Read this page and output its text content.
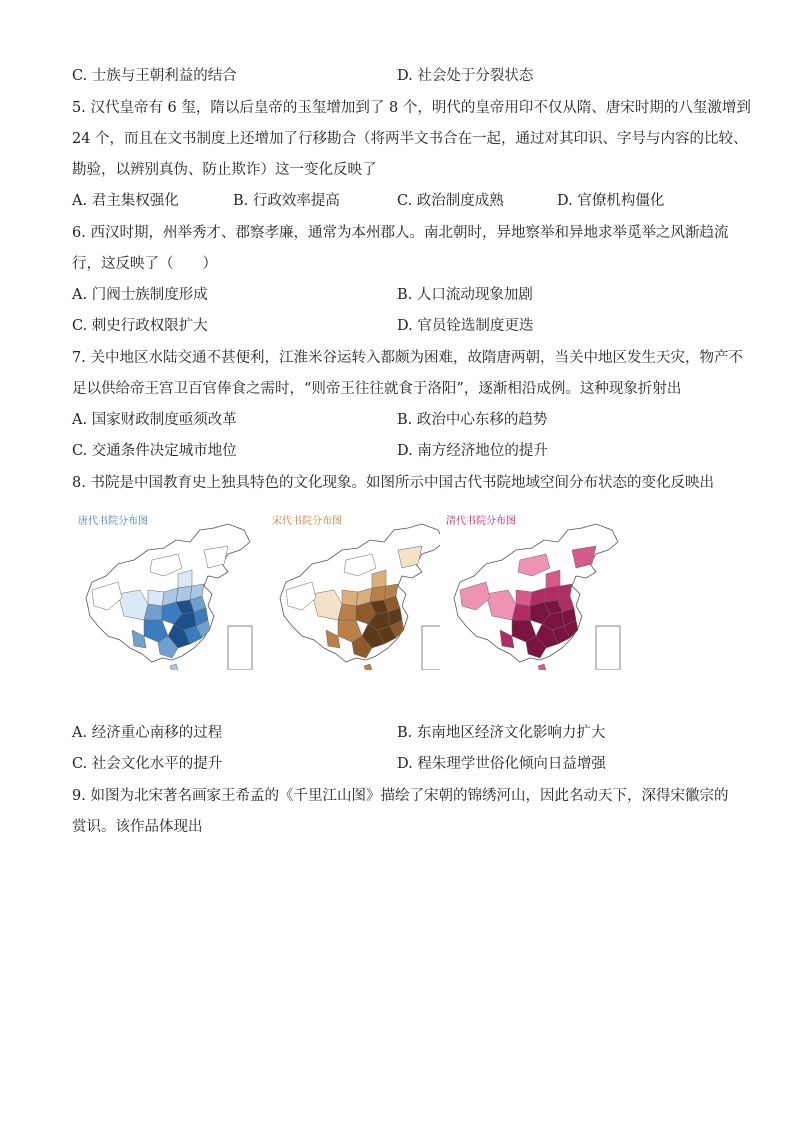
C. 士族与王朝利益的结合	D. 社会处于分裂状态
5. 汉代皇帝有 6 玺，隋以后皇帝的玉玺增加到了 8 个，明代的皇帝用印不仅从隋、唐宋时期的八玺激增到
24 个，而且在文书制度上还增加了行移勘合（将两半文书合在一起，通过对其印识、字号与内容的比较、
勘验，以辨别真伪、防止欺诈）这一变化反映了
A. 君主集权强化	B. 行政效率提高	C. 政治制度成熟	D. 官僚机构僵化
6. 西汉时期，州举秀才、郡察孝廉，通常为本州郡人。南北朝时，异地察举和异地求举觅举之风渐趋流
行，这反映了（　　）
A. 门阀士族制度形成	B. 人口流动现象加剧
C. 刺史行政权限扩大	D. 官员铨选制度更迭
7. 关中地区水陆交通不甚便利，江淮米谷运转入都颇为困难，故隋唐两朝，当关中地区发生天灾，物产不
足以供给帝王宫卫百官俸食之需时，“则帝王往往就食于洛阳”，逐渐相沿成例。这种现象折射出
A. 国家财政制度亟须改革	B. 政治中心东移的趋势
C. 交通条件决定城市地位	D. 南方经济地位的提升
8. 书院是中国教育史上独具特色的文化现象。如图所示中国古代书院地域空间分布状态的变化反映出
唐代书院分布图	宋代书院分布图	清代书院分布图
A. 经济重心南移的过程	B. 东南地区经济文化影响力扩大
C. 社会文化水平的提升	D. 程朱理学世俗化倾向日益增强
9. 如图为北宋著名画家王希孟的《千里江山图》描绘了宋朝的锦绣河山，因此名动天下，深得宋徽宗的
赏识。该作品体现出
